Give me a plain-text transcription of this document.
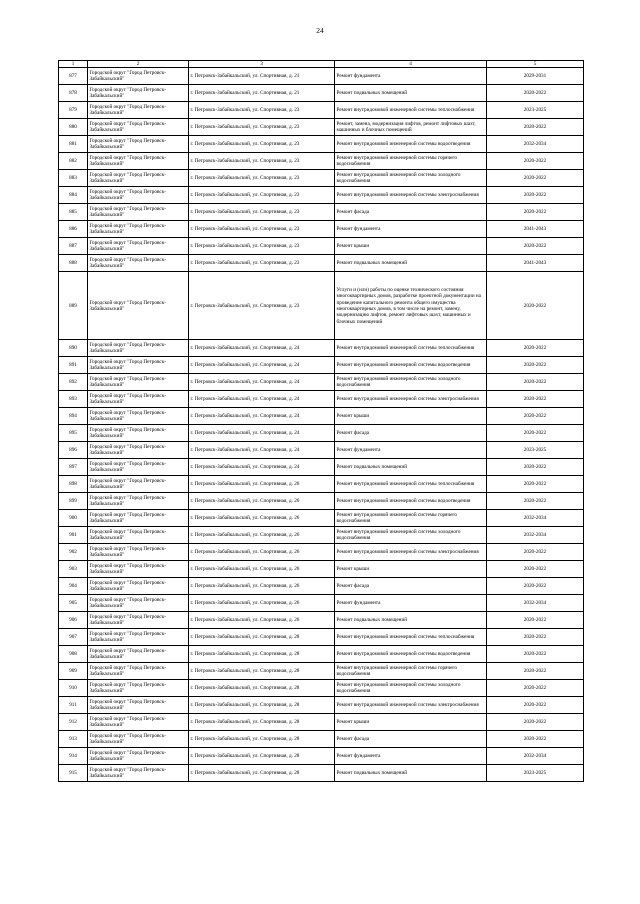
24
1	2	3	4	5
877	Городской округ "Город Петровск-Забайкальский"	г. Петровск-Забайкальский, ул. Спортивная, д. 21	Ремонт фундамента	2029-2031
878	Городской округ "Город Петровск-Забайкальский"	г. Петровск-Забайкальский, ул. Спортивная, д. 21	Ремонт подвальных помещений	2020-2022
879	Городской округ "Город Петровск-Забайкальский"	г. Петровск-Забайкальский, ул. Спортивная, д. 23	Ремонт внутридомовой инженерной системы теплоснабжения	2023-2025
880	Городской округ "Город Петровск-Забайкальский"	г. Петровск-Забайкальский, ул. Спортивная, д. 23	Ремонт, замена, модернизация лифтов, ремонт лифтовых шахт, машинных и блочных помещений	2020-2022
881	Городской округ "Город Петровск-Забайкальский"	г. Петровск-Забайкальский, ул. Спортивная, д. 23	Ремонт внутридомовой инженерной системы водоотведения	2032-2034
882	Городской округ "Город Петровск-Забайкальский"	г. Петровск-Забайкальский, ул. Спортивная, д. 23	Ремонт внутридомовой инженерной системы горячего водоснабжения	2020-2022
883	Городской округ "Город Петровск-Забайкальский"	г. Петровск-Забайкальский, ул. Спортивная, д. 23	Ремонт внутридомовой инженерной системы холодного водоснабжения	2020-2022
884	Городской округ "Город Петровск-Забайкальский"	г. Петровск-Забайкальский, ул. Спортивная, д. 23	Ремонт внутридомовой инженерной системы электроснабжения	2020-2022
885	Городской округ "Город Петровск-Забайкальский"	г. Петровск-Забайкальский, ул. Спортивная, д. 23	Ремонт фасада	2020-2022
886	Городской округ "Город Петровск-Забайкальский"	г. Петровск-Забайкальский, ул. Спортивная, д. 23	Ремонт фундамента	2041-2043
887	Городской округ "Город Петровск-Забайкальский"	г. Петровск-Забайкальский, ул. Спортивная, д. 23	Ремонт крыши	2020-2022
888	Городской округ "Город Петровск-Забайкальский"	г. Петровск-Забайкальский, ул. Спортивная, д. 23	Ремонт подвальных помещений	2041-2043
889	Городской округ "Город Петровск-Забайкальский"	г. Петровск-Забайкальский, ул. Спортивная, д. 23	Услуги и (или) работы по оценке технического состояния многоквартирных домов, разработке проектной документации на проведение капитального ремонта общего имущества многоквартирных домов, в том числе на ремонт, замену, модернизацию лифтов, ремонт лифтовых шахт, машинных и блочных помещений	2020-2022
890	Городской округ "Город Петровск-Забайкальский"	г. Петровск-Забайкальский, ул. Спортивная, д. 24	Ремонт внутридомовой инженерной системы теплоснабжения	2020-2022
891	Городской округ "Город Петровск-Забайкальский"	г. Петровск-Забайкальский, ул. Спортивная, д. 24	Ремонт внутридомовой инженерной системы водоотведения	2020-2022
892	Городской округ "Город Петровск-Забайкальский"	г. Петровск-Забайкальский, ул. Спортивная, д. 24	Ремонт внутридомовой инженерной системы холодного водоснабжения	2020-2022
893	Городской округ "Город Петровск-Забайкальский"	г. Петровск-Забайкальский, ул. Спортивная, д. 24	Ремонт внутридомовой инженерной системы электроснабжения	2020-2022
894	Городской округ "Город Петровск-Забайкальский"	г. Петровск-Забайкальский, ул. Спортивная, д. 24	Ремонт крыши	2020-2022
895	Городской округ "Город Петровск-Забайкальский"	г. Петровск-Забайкальский, ул. Спортивная, д. 24	Ремонт фасада	2020-2022
896	Городской округ "Город Петровск-Забайкальский"	г. Петровск-Забайкальский, ул. Спортивная, д. 24	Ремонт фундамента	2023-2025
897	Городской округ "Город Петровск-Забайкальский"	г. Петровск-Забайкальский, ул. Спортивная, д. 24	Ремонт подвальных помещений	2020-2022
898	Городской округ "Город Петровск-Забайкальский"	г. Петровск-Забайкальский, ул. Спортивная, д. 26	Ремонт внутридомовой инженерной системы теплоснабжения	2020-2022
899	Городской округ "Город Петровск-Забайкальский"	г. Петровск-Забайкальский, ул. Спортивная, д. 26	Ремонт внутридомовой инженерной системы водоотведения	2020-2022
900	Городской округ "Город Петровск-Забайкальский"	г. Петровск-Забайкальский, ул. Спортивная, д. 26	Ремонт внутридомовой инженерной системы горячего водоснабжения	2032-2034
901	Городской округ "Город Петровск-Забайкальский"	г. Петровск-Забайкальский, ул. Спортивная, д. 26	Ремонт внутридомовой инженерной системы холодного водоснабжения	2032-2034
902	Городской округ "Город Петровск-Забайкальский"	г. Петровск-Забайкальский, ул. Спортивная, д. 26	Ремонт внутридомовой инженерной системы электроснабжения	2020-2022
903	Городской округ "Город Петровск-Забайкальский"	г. Петровск-Забайкальский, ул. Спортивная, д. 26	Ремонт крыши	2020-2022
904	Городской округ "Город Петровск-Забайкальский"	г. Петровск-Забайкальский, ул. Спортивная, д. 26	Ремонт фасада	2020-2022
905	Городской округ "Город Петровск-Забайкальский"	г. Петровск-Забайкальский, ул. Спортивная, д. 26	Ремонт фундамента	2032-2034
906	Городской округ "Город Петровск-Забайкальский"	г. Петровск-Забайкальский, ул. Спортивная, д. 26	Ремонт подвальных помещений	2020-2022
907	Городской округ "Город Петровск-Забайкальский"	г. Петровск-Забайкальский, ул. Спортивная, д. 28	Ремонт внутридомовой инженерной системы теплоснабжения	2020-2022
908	Городской округ "Город Петровск-Забайкальский"	г. Петровск-Забайкальский, ул. Спортивная, д. 28	Ремонт внутридомовой инженерной системы водоотведения	2020-2022
909	Городской округ "Город Петровск-Забайкальский"	г. Петровск-Забайкальский, ул. Спортивная, д. 28	Ремонт внутридомовой инженерной системы горячего водоснабжения	2020-2022
910	Городской округ "Город Петровск-Забайкальский"	г. Петровск-Забайкальский, ул. Спортивная, д. 28	Ремонт внутридомовой инженерной системы холодного водоснабжения	2020-2022
911	Городской округ "Город Петровск-Забайкальский"	г. Петровск-Забайкальский, ул. Спортивная, д. 28	Ремонт внутридомовой инженерной системы электроснабжения	2020-2022
912	Городской округ "Город Петровск-Забайкальский"	г. Петровск-Забайкальский, ул. Спортивная, д. 28	Ремонт крыши	2020-2022
913	Городской округ "Город Петровск-Забайкальский"	г. Петровск-Забайкальский, ул. Спортивная, д. 28	Ремонт фасада	2020-2022
914	Городской округ "Город Петровск-Забайкальский"	г. Петровск-Забайкальский, ул. Спортивная, д. 28	Ремонт фундамента	2032-2034
915	Городской округ "Город Петровск-Забайкальский"	г. Петровск-Забайкальский, ул. Спортивная, д. 28	Ремонт подвальных помещений	2023-2025
